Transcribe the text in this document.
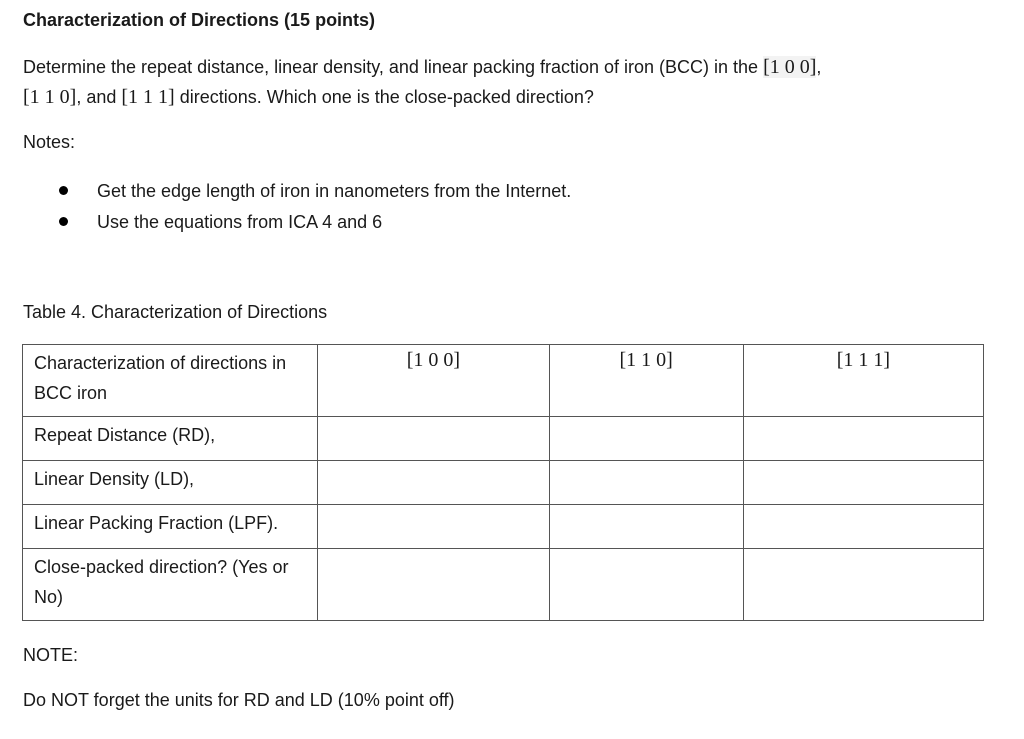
Characterization of Directions (15 points)
Determine the repeat distance, linear density, and linear packing fraction of iron (BCC) in the [1 0 0],
[1 1 0], and [1 1 1] directions. Which one is the close-packed direction?
Notes:
Get the edge length of iron in nanometers from the Internet.
Use the equations from ICA 4 and 6
Table 4. Characterization of Directions
Characterization of directions in BCC iron	[1 0 0]	[1 1 0]	[1 1 1]
Repeat Distance (RD),			
Linear Density (LD),			
Linear Packing Fraction (LPF).			
Close-packed direction? (Yes or No)			
NOTE:
Do NOT forget the units for RD and LD (10% point off)
